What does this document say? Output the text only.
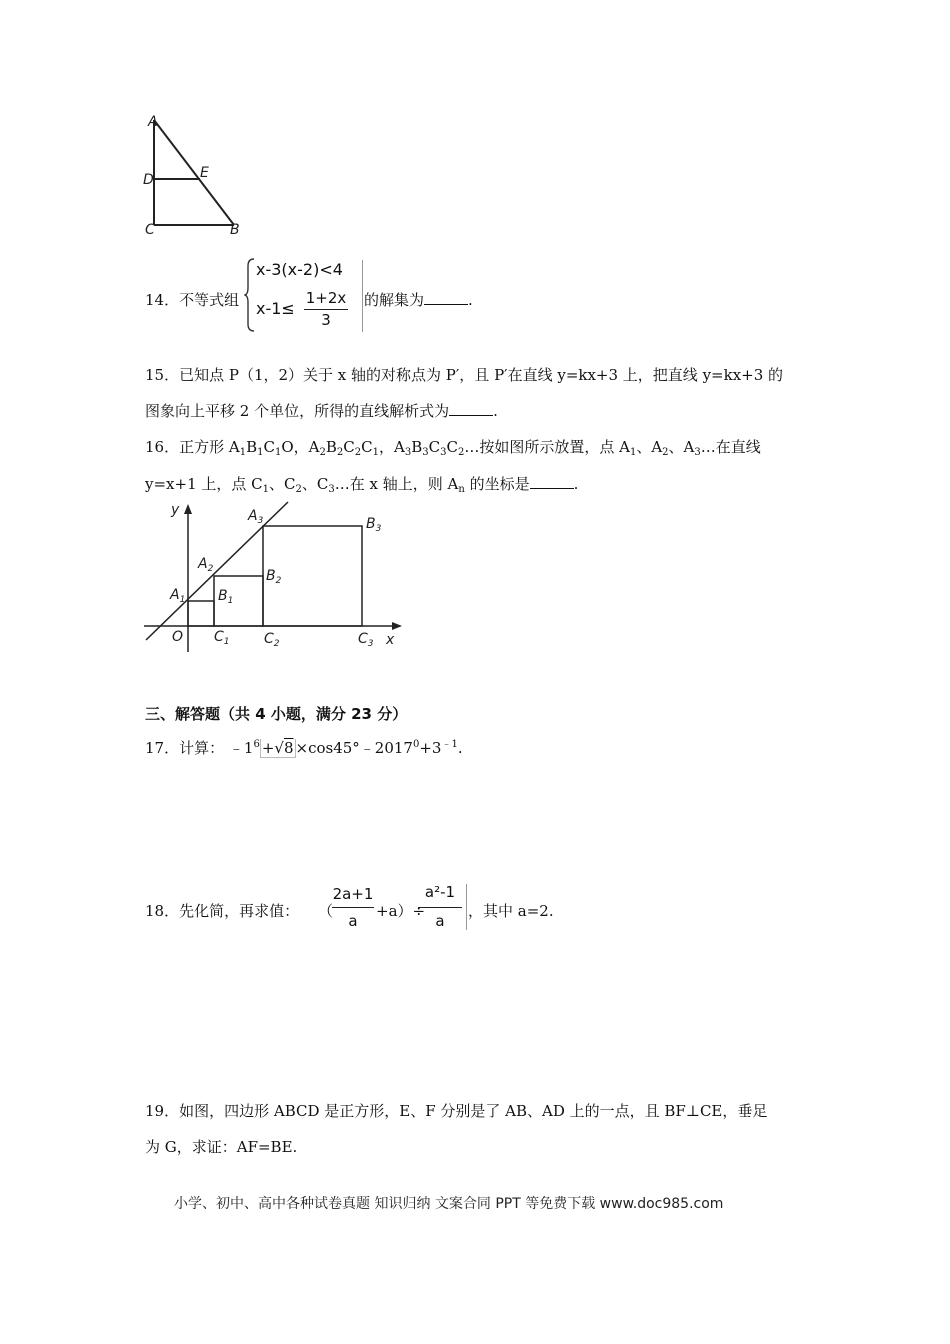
A
D	E
C	B
14．不等式组
x-3(x-2)<4
x-1≤
1+2x
3
的解集为	.
15．已知点 P（1，2）关于 x 轴的对称点为 P′，且 P′在直线 y=kx+3 上，把直线 y=kx+3 的
图象向上平移 2 个单位，所得的直线解析式为	.
16．正方形 $A_1B_1C_1O$，$A_2B_2C_2C_1$，$A_3B_3C_3C_2\dots$按如图所示放置，点 $A_1$、$A_2$、$A_3\dots$在直线
y=x+1 上，点 $C_1$、$C_2$、$C_3\dots$在 x 轴上，则 $A_n$ 的坐标是	.
y
x
O
$A_1$
$A_2$
$A_3$
$B_1$
$B_2$
$B_3$
$C_1$ $C_2$	$C_3$
三、解答题（共 4 小题，满分 23 分）
17．计算： $﹣1^6 +√8$ $\times\cos 45^\circ﹣2017^0+3^{﹣1}$.
18．先化简，再求值： （
2a+1
a
+a）÷
a²-1
a
，其中 a=2.
19．如图，四边形 ABCD 是正方形，E、F 分别是了 AB、AD 上的一点，且 BF⊥CE，垂足
为 G，求证：AF=BE.
小学、初中、高中各种试卷真题 知识归纳 文案合同 PPT 等免费下载 www.doc985.com
